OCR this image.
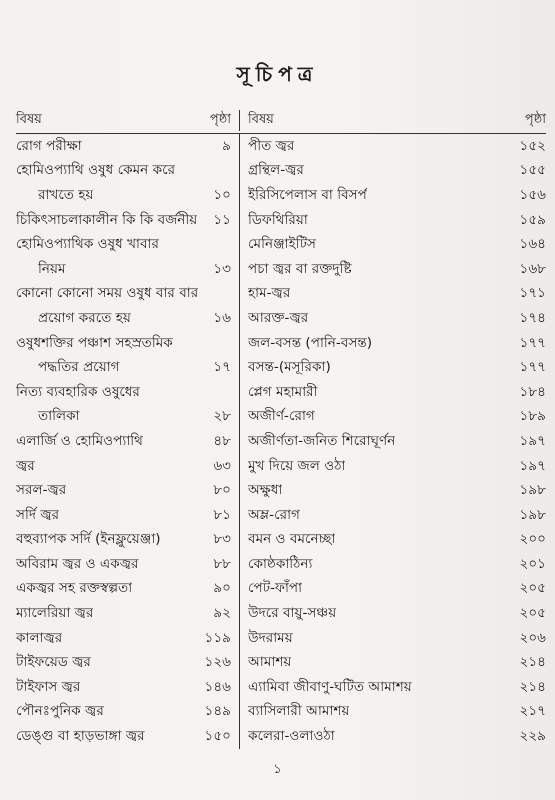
সূচিপত্র
বিষয়	পৃষ্ঠা বিষয়	পৃষ্ঠা
রোগ পরীক্ষা	৯
হোমিওপ্যাথি ওষুধ কেমন করে
রাখতে হয়	১০
চিকিৎসাচলাকালীন কি কি বর্জনীয়	১১
হোমিওপ্যাথিক ওষুধ খাবার
নিয়ম	১৩
কোনো কোনো সময় ওষুধ বার বার
প্রয়োগ করতে হয়	১৬
ওষুধশক্তির পঞ্চাশ সহস্রতমিক
পদ্ধতির প্রয়োগ	১৭
নিত্য ব্যবহারিক ওষুধের
তালিকা	২৮
এলার্জি ও হোমিওপ্যাথি	৪৮
জ্বর	৬৩
সরল-জ্বর	৮০
সর্দি জ্বর	৮১
বহুব্যাপক সর্দি (ইনফ্লুয়েঞ্জা)	৮৩
অবিরাম জ্বর ও একজ্বর	৮৮
একজ্বর সহ রক্তস্বল্পতা	৯০
ম্যালেরিয়া জ্বর	৯২
কালাজ্বর	১১৯
টাইফয়েড জ্বর	১২৬
টাইফাস জ্বর	১৪৬
পৌনঃপুনিক জ্বর	১৪৯
ডেঙ্গু বা হাড়ভাঙ্গা জ্বর	১৫০
পীত জ্বর	১৫২
গ্রন্থিল-জ্বর	১৫৫
ইরিসিপেলাস বা বিসর্প	১৫৬
ডিফথিরিয়া	১৫৯
মেনিঞ্জাইটিস	১৬৪
পচা জ্বর বা রক্তদুষ্টি	১৬৮
হাম-জ্বর	১৭১
আরক্ত-জ্বর	১৭৪
জল-বসন্ত (পানি-বসন্ত)	১৭৭
বসন্ত-(মসূরিকা)	১৭৭
প্লেগ মহামারী	১৮৪
অজীর্ণ-রোগ	১৮৯
অজীর্ণতা-জনিত শিরোঘূর্ণন	১৯৭
মুখ দিয়ে জল ওঠা	১৯৭
অক্ষুধা	১৯৮
অম্ল-রোগ	১৯৮
বমন ও বমনেচ্ছা	২০০
কোষ্ঠকাঠিন্য	২০১
পেট-ফাঁপা	২০৫
উদরে বায়ু-সঞ্চয়	২০৫
উদরাময়	২০৬
আমাশয়	২১৪
এ্যামিবা জীবাণু-ঘটিত আমাশয়	২১৪
ব্যাসিলারী আমাশয়	২১৭
কলেরা-ওলাওঠা	২২৯
১
